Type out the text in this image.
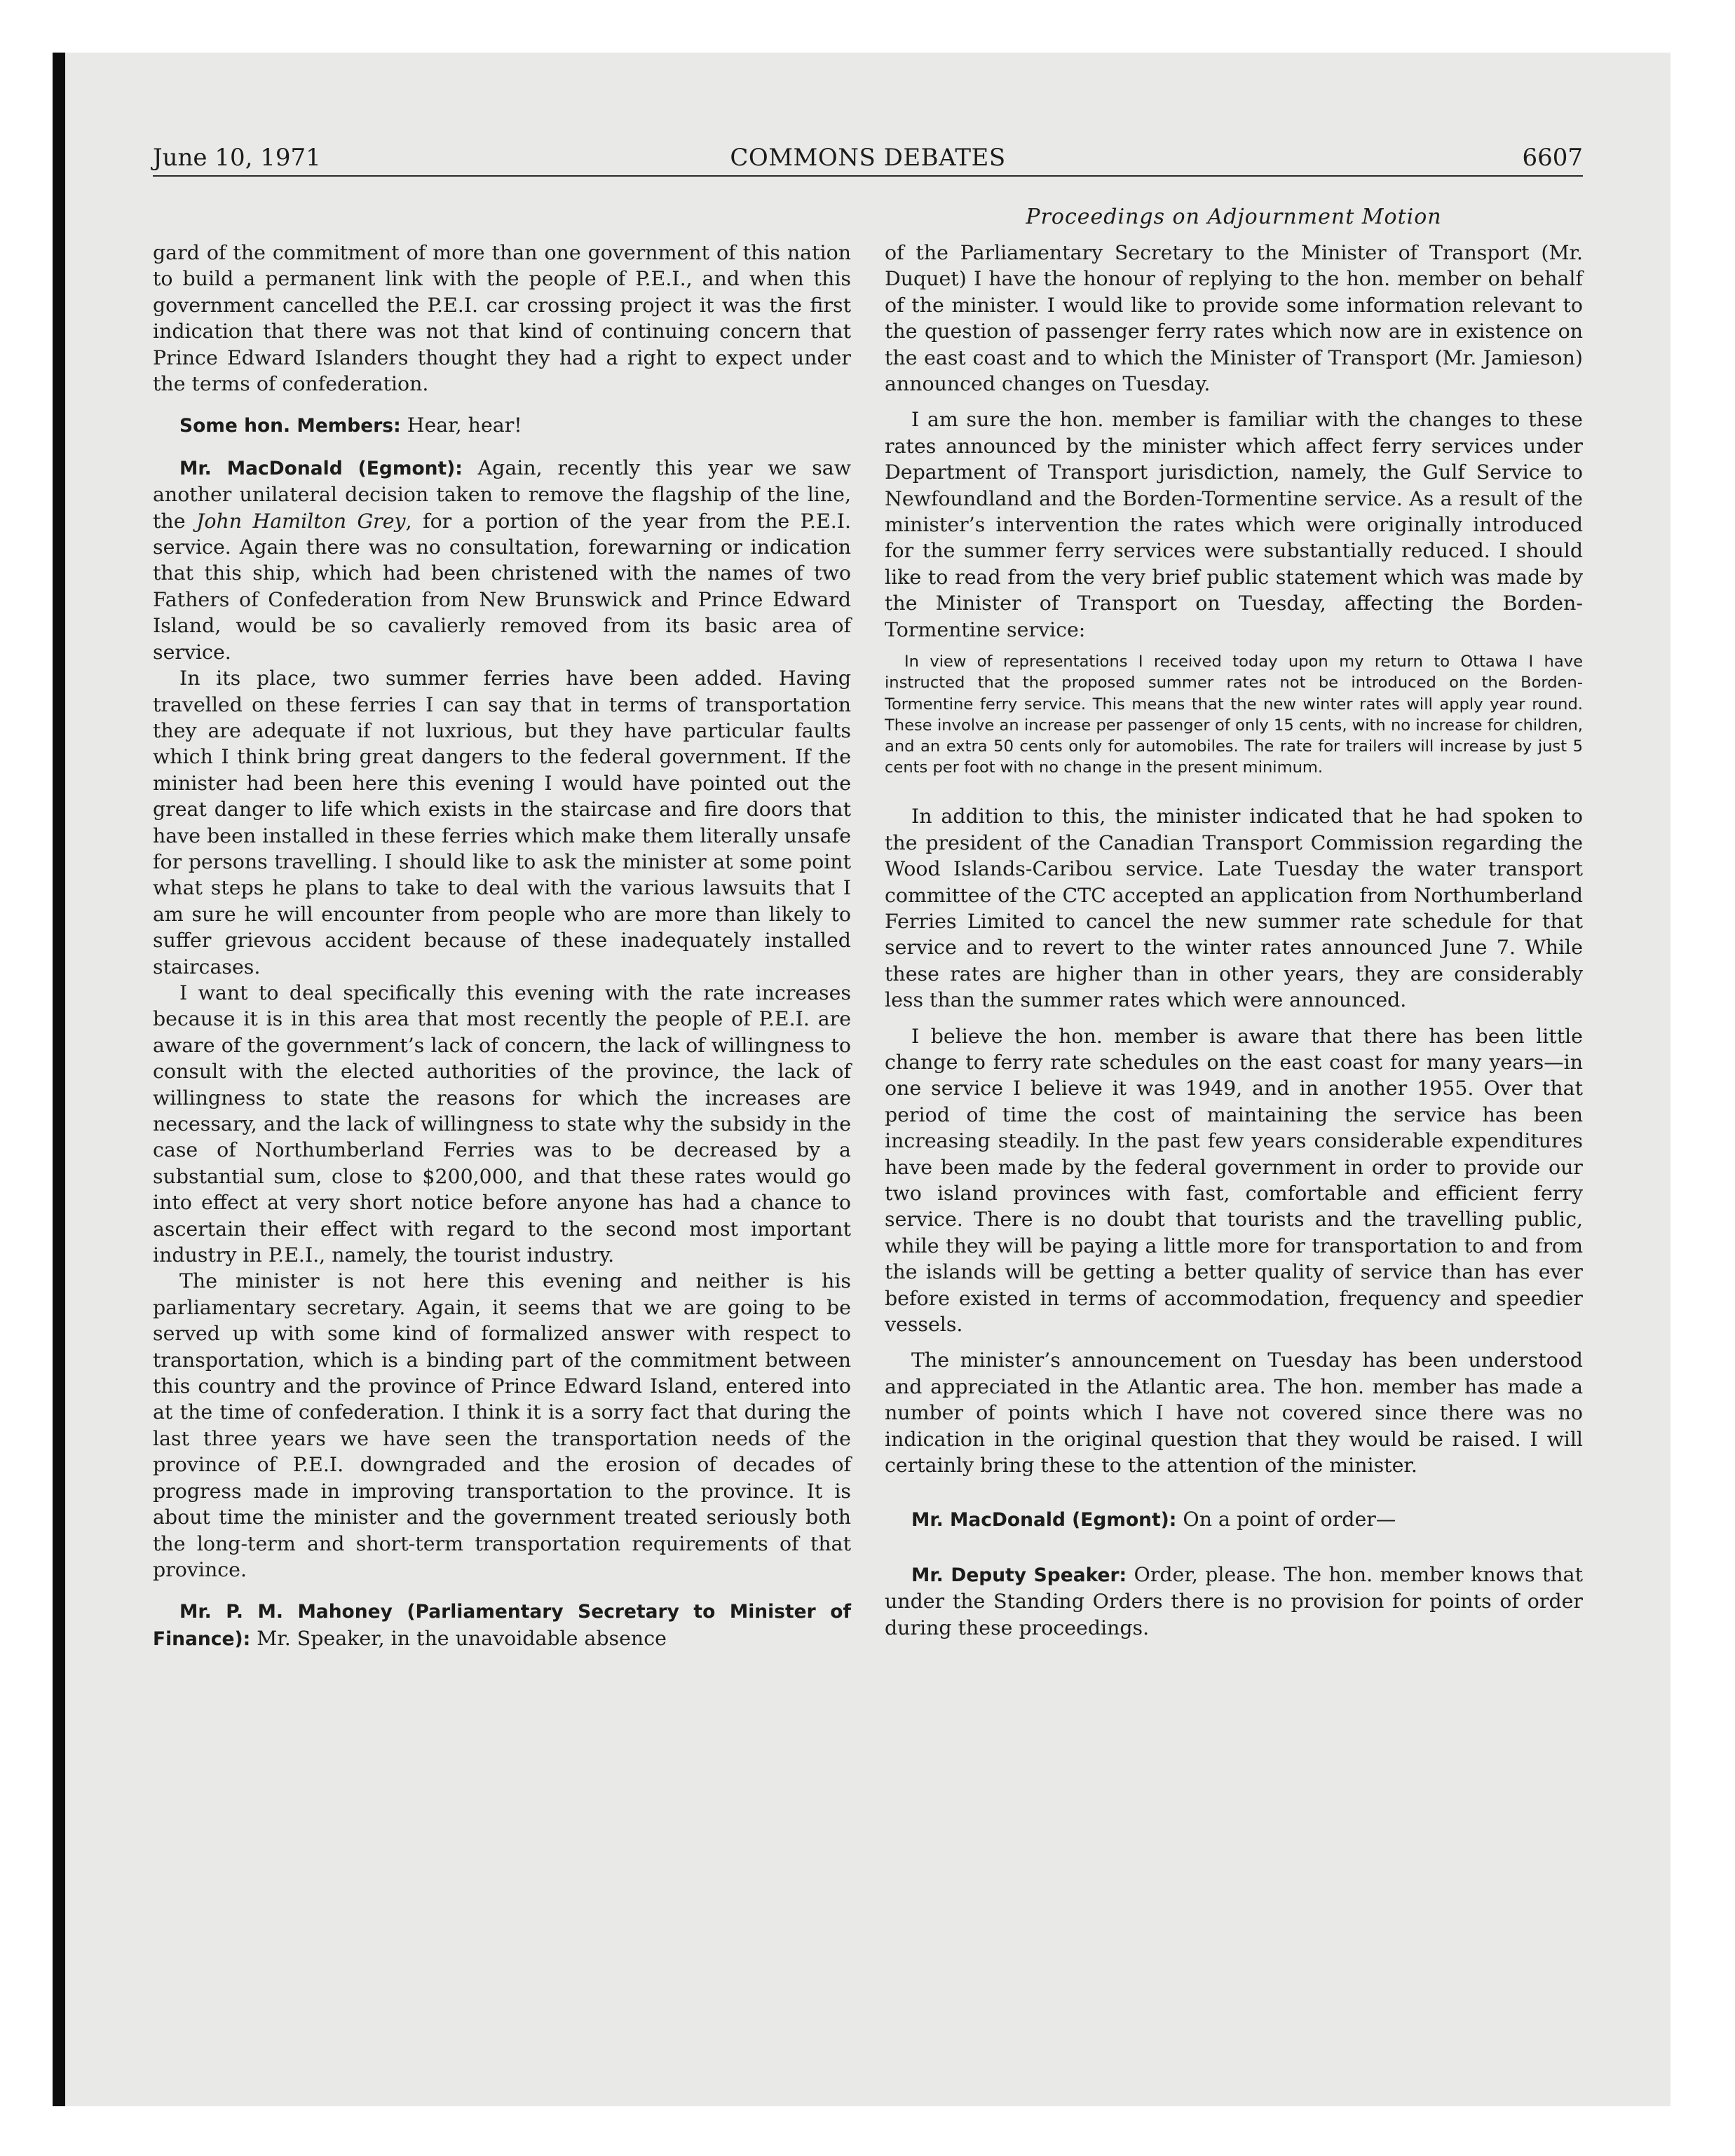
June 10, 1971	COMMONS DEBATES	6607
Proceedings on Adjournment Motion

gard of the commitment of more than one government of this nation to build a permanent link with the people of P.E.I., and when this government cancelled the P.E.I. car crossing project it was the first indication that there was not that kind of continuing concern that Prince Edward Islanders thought they had a right to expect under the terms of confederation.

Some hon. Members: Hear, hear!

Mr. MacDonald (Egmont): Again, recently this year we saw another unilateral decision taken to remove the flagship of the line, the John Hamilton Grey, for a portion of the year from the P.E.I. service. Again there was no consultation, forewarning or indication that this ship, which had been christened with the names of two Fathers of Confederation from New Brunswick and Prince Edward Island, would be so cavalierly removed from its basic area of service.

In its place, two summer ferries have been added. Having travelled on these ferries I can say that in terms of transportation they are adequate if not luxrious, but they have particular faults which I think bring great dangers to the federal government. If the minister had been here this evening I would have pointed out the great danger to life which exists in the staircase and fire doors that have been installed in these ferries which make them literally unsafe for persons travelling. I should like to ask the minister at some point what steps he plans to take to deal with the various lawsuits that I am sure he will encounter from people who are more than likely to suffer grievous accident because of these inadequately installed staircases.

I want to deal specifically this evening with the rate increases because it is in this area that most recently the people of P.E.I. are aware of the government’s lack of concern, the lack of willingness to consult with the elected authorities of the province, the lack of willingness to state the reasons for which the increases are necessary, and the lack of willingness to state why the subsidy in the case of Northumberland Ferries was to be decreased by a substantial sum, close to $200,000, and that these rates would go into effect at very short notice before anyone has had a chance to ascertain their effect with regard to the second most important industry in P.E.I., namely, the tourist industry.

The minister is not here this evening and neither is his parliamentary secretary. Again, it seems that we are going to be served up with some kind of formalized answer with respect to transportation, which is a binding part of the commitment between this country and the province of Prince Edward Island, entered into at the time of confederation. I think it is a sorry fact that during the last three years we have seen the transportation needs of the province of P.E.I. downgraded and the erosion of decades of progress made in improving transportation to the province. It is about time the minister and the government treated seriously both the long-term and short-term transportation requirements of that province.

Mr. P. M. Mahoney (Parliamentary Secretary to Minister of Finance): Mr. Speaker, in the unavoidable absence

of the Parliamentary Secretary to the Minister of Transport (Mr. Duquet) I have the honour of replying to the hon. member on behalf of the minister. I would like to provide some information relevant to the question of passenger ferry rates which now are in existence on the east coast and to which the Minister of Transport (Mr. Jamieson) announced changes on Tuesday.

I am sure the hon. member is familiar with the changes to these rates announced by the minister which affect ferry services under Department of Transport jurisdiction, namely, the Gulf Service to Newfoundland and the Borden-Tormentine service. As a result of the minister’s intervention the rates which were originally introduced for the summer ferry services were substantially reduced. I should like to read from the very brief public statement which was made by the Minister of Transport on Tuesday, affecting the Borden-Tormentine service:

In view of representations I received today upon my return to Ottawa I have instructed that the proposed summer rates not be introduced on the Borden-Tormentine ferry service. This means that the new winter rates will apply year round. These involve an increase per passenger of only 15 cents, with no increase for children, and an extra 50 cents only for automobiles. The rate for trailers will increase by just 5 cents per foot with no change in the present minimum.

In addition to this, the minister indicated that he had spoken to the president of the Canadian Transport Commission regarding the Wood Islands-Caribou service. Late Tuesday the water transport committee of the CTC accepted an application from Northumberland Ferries Limited to cancel the new summer rate schedule for that service and to revert to the winter rates announced June 7. While these rates are higher than in other years, they are considerably less than the summer rates which were announced.

I believe the hon. member is aware that there has been little change to ferry rate schedules on the east coast for many years—in one service I believe it was 1949, and in another 1955. Over that period of time the cost of maintaining the service has been increasing steadily. In the past few years considerable expenditures have been made by the federal government in order to provide our two island provinces with fast, comfortable and efficient ferry service. There is no doubt that tourists and the travelling public, while they will be paying a little more for transportation to and from the islands will be getting a better quality of service than has ever before existed in terms of accommodation, frequency and speedier vessels.

The minister’s announcement on Tuesday has been understood and appreciated in the Atlantic area. The hon. member has made a number of points which I have not covered since there was no indication in the original question that they would be raised. I will certainly bring these to the attention of the minister.

Mr. MacDonald (Egmont): On a point of order—

Mr. Deputy Speaker: Order, please. The hon. member knows that under the Standing Orders there is no provision for points of order during these proceedings.
